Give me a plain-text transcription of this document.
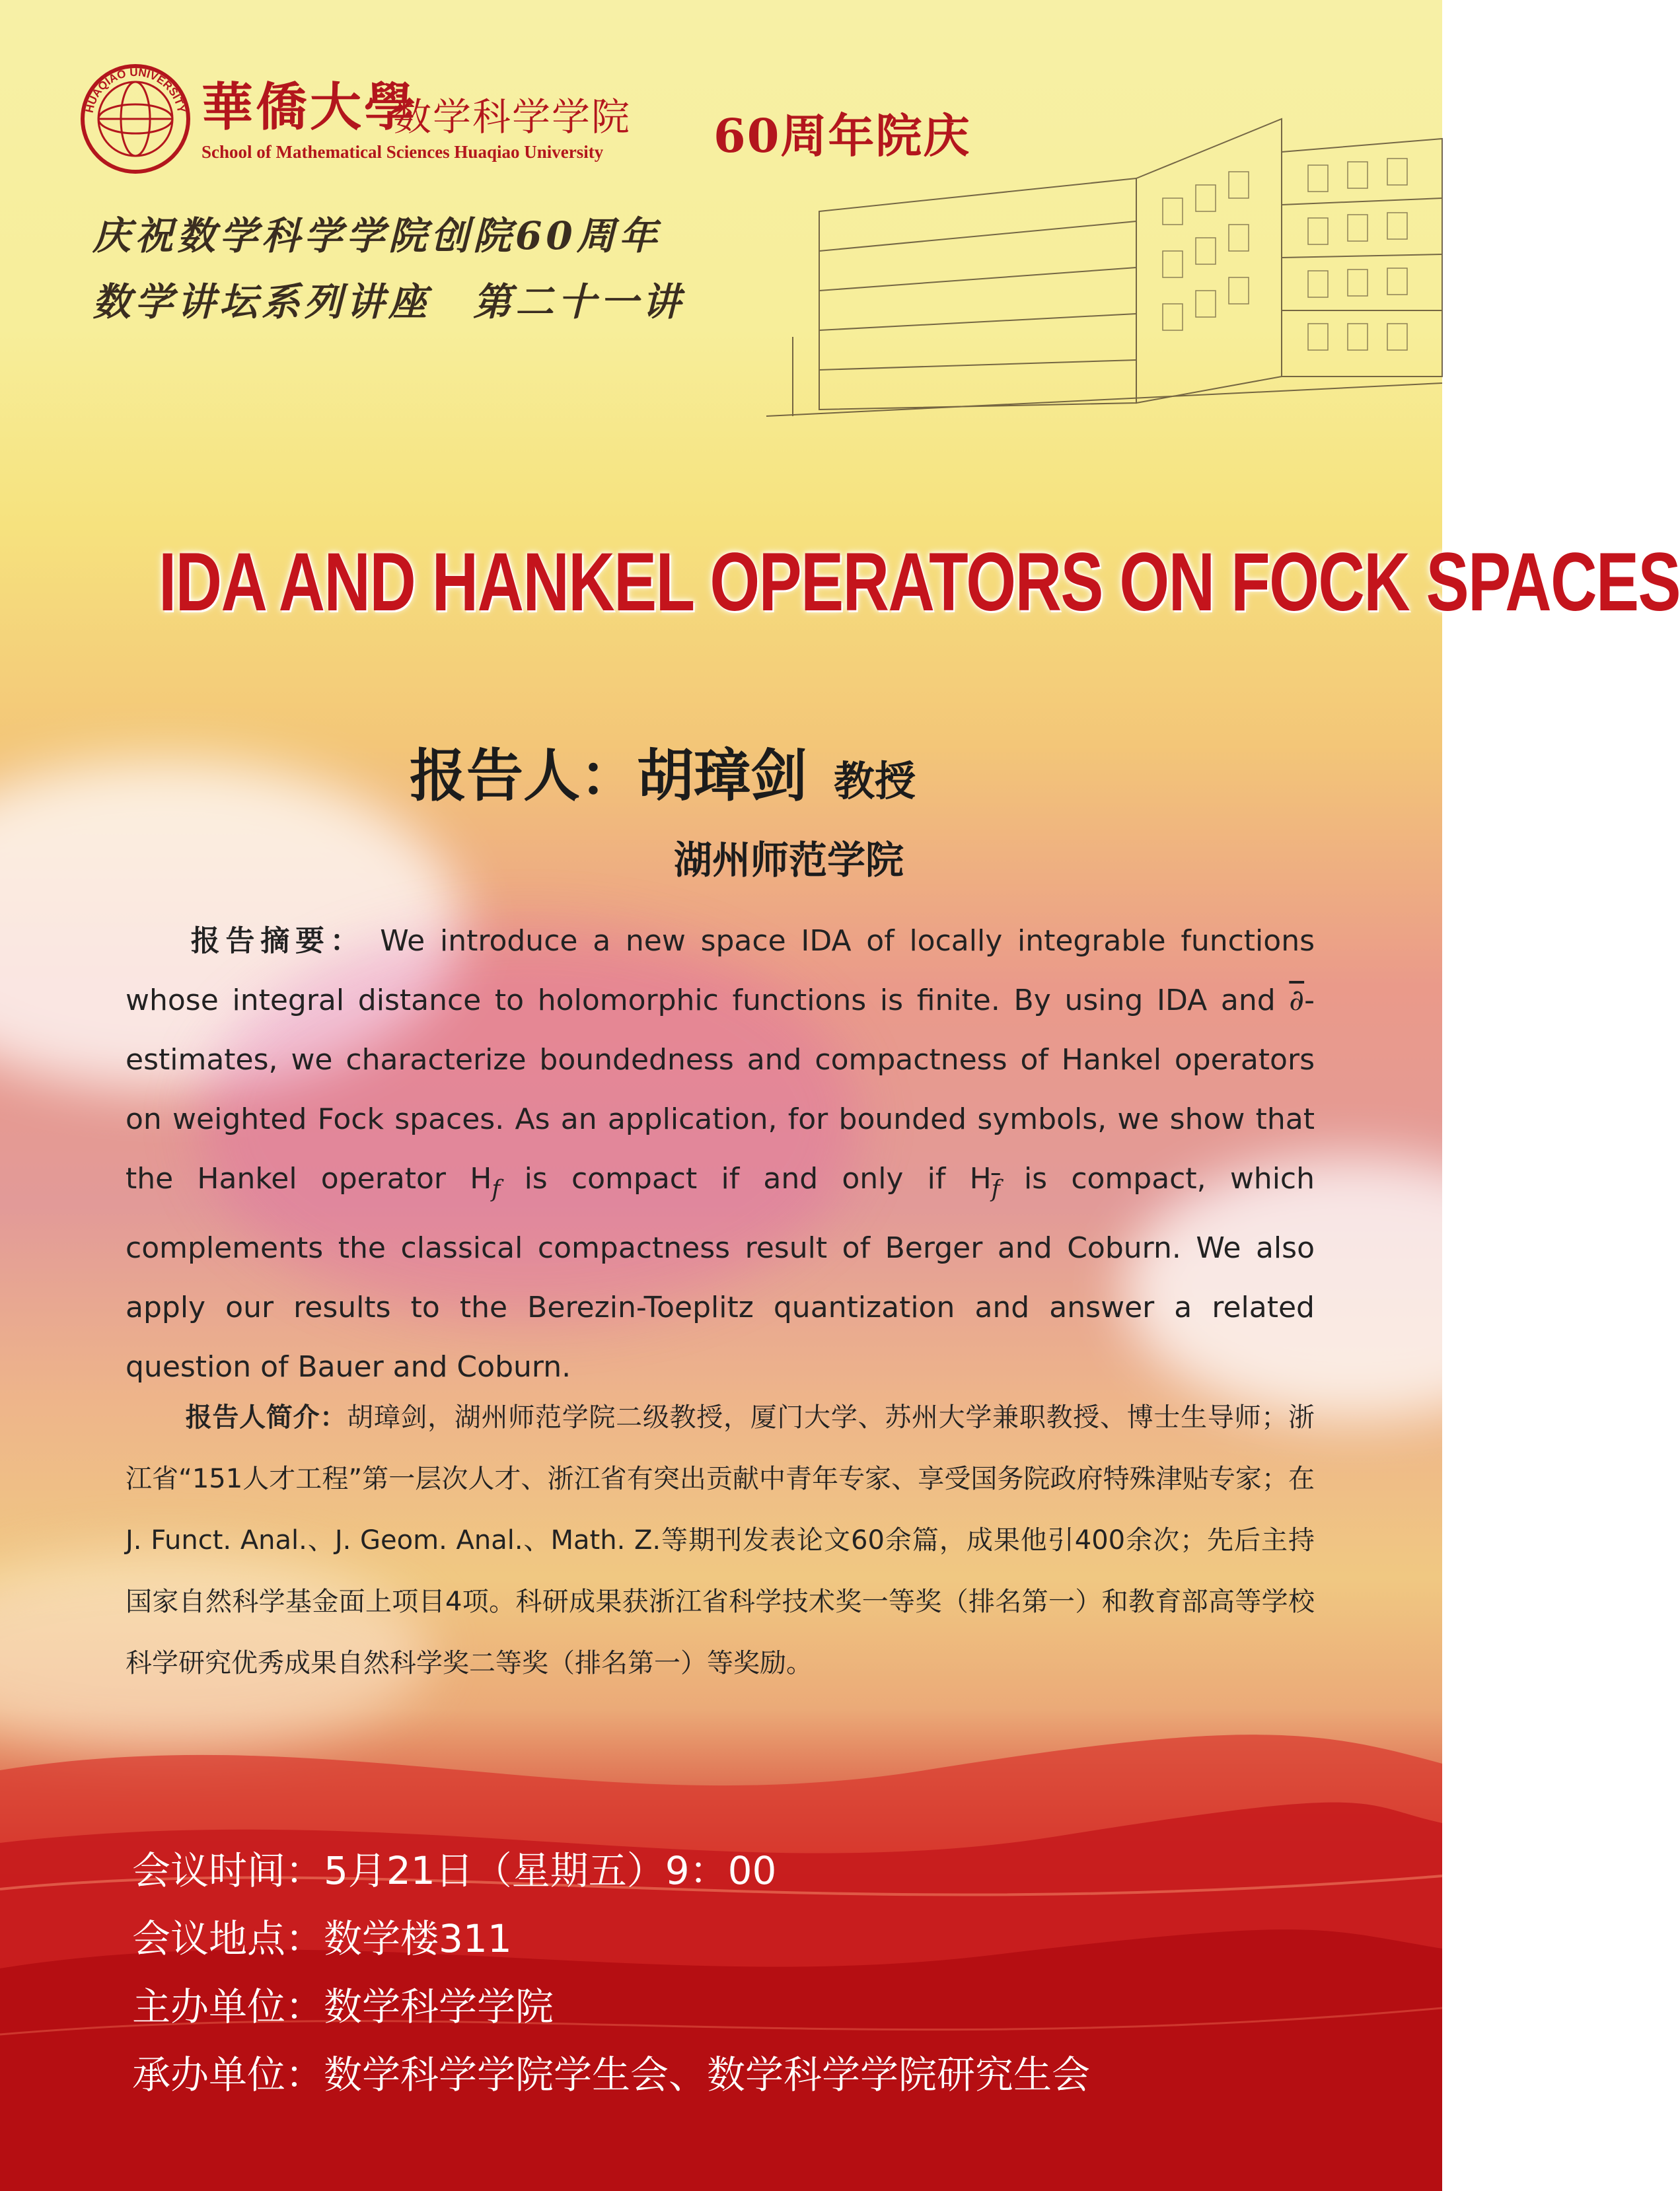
HUAQIAO UNIVERSITY 華僑大學
数学科学学院
School of Mathematical Sciences Huaqiao University 60周年院庆
庆祝数学科学学院创院60周年
数学讲坛系列讲座　第二十一讲
IDA AND HANKEL OPERATORS ON FOCK SPACES
报告人：胡璋剑 教授
湖州师范学院
报告摘要： We introduce a new space IDA of locally integrable functions whose integral distance to holomorphic functions is finite. By using IDA and ∂-estimates, we characterize boundedness and compactness of Hankel operators on weighted Fock spaces. As an application, for bounded symbols, we show that the Hankel operator $H_f$ is compact if and only if $H_{\overline{f}}$ is compact, which complements the classical compactness result of Berger and Coburn. We also apply our results to the Berezin-Toeplitz quantization and answer a related question of Bauer and Coburn.
报告人简介：胡璋剑，湖州师范学院二级教授，厦门大学、苏州大学兼职教授、博士生导师；浙江省“151人才工程”第一层次人才、浙江省有突出贡献中青年专家、享受国务院政府特殊津贴专家；在J. Funct. Anal.、J. Geom. Anal.、Math. Z.等期刊发表论文60余篇，成果他引400余次；先后主持国家自然科学基金面上项目4项。科研成果获浙江省科学技术奖一等奖（排名第一）和教育部高等学校科学研究优秀成果自然科学奖二等奖（排名第一）等奖励。
会议时间：5月21日（星期五）9：00
会议地点：数学楼311
主办单位：数学科学学院
承办单位：数学科学学院学生会、数学科学学院研究生会
